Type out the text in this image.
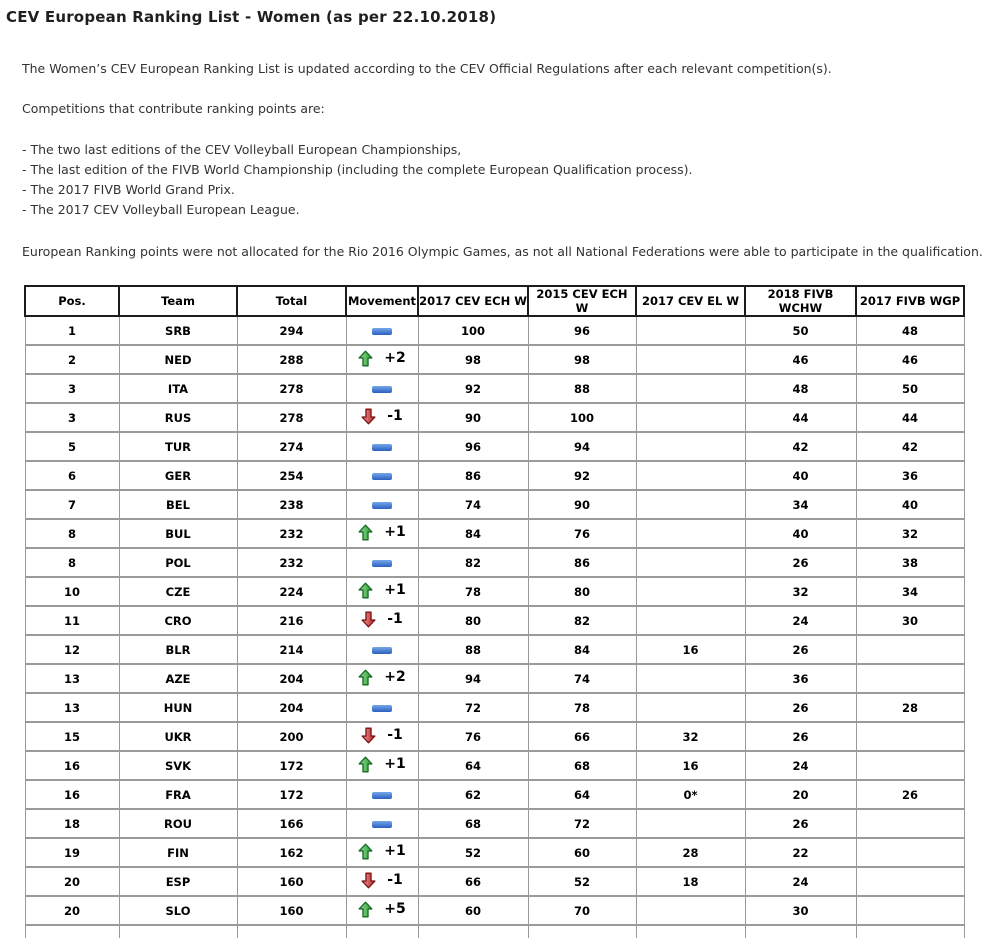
CEV European Ranking List - Women (as per 22.10.2018)

The Women’s CEV European Ranking List is updated according to the CEV Official Regulations after each relevant competition(s).

Competitions that contribute ranking points are:

- The two last editions of the CEV Volleyball European Championships,

- The last edition of the FIVB World Championship (including the complete European Qualification process).

- The 2017 FIVB World Grand Prix.

- The 2017 CEV Volleyball European League.

European Ranking points were not allocated for the Rio 2016 Olympic Games, as not all National Federations were able to participate in the qualification.

Pos.	Team	Total	Movement	2017 CEV ECH W	2015 CEV ECH W	2017 CEV EL W	2018 FIVB WCHW	2017 FIVB WGP
1	SRB	294		100	96		50	48
2	NED	288	+2	98	98		46	46
3	ITA	278		92	88		48	50
3	RUS	278	-1	90	100		44	44
5	TUR	274		96	94		42	42
6	GER	254		86	92		40	36
7	BEL	238		74	90		34	40
8	BUL	232	+1	84	76		40	32
8	POL	232		82	86		26	38
10	CZE	224	+1	78	80		32	34
11	CRO	216	-1	80	82		24	30
12	BLR	214		88	84	16	26	
13	AZE	204	+2	94	74		36	
13	HUN	204		72	78		26	28
15	UKR	200	-1	76	66	32	26	
16	SVK	172	+1	64	68	16	24	
16	FRA	172		62	64	0*	20	26
18	ROU	166		68	72		26	
19	FIN	162	+1	52	60	28	22	
20	ESP	160	-1	66	52	18	24	
20	SLO	160	+5	60	70		30	
